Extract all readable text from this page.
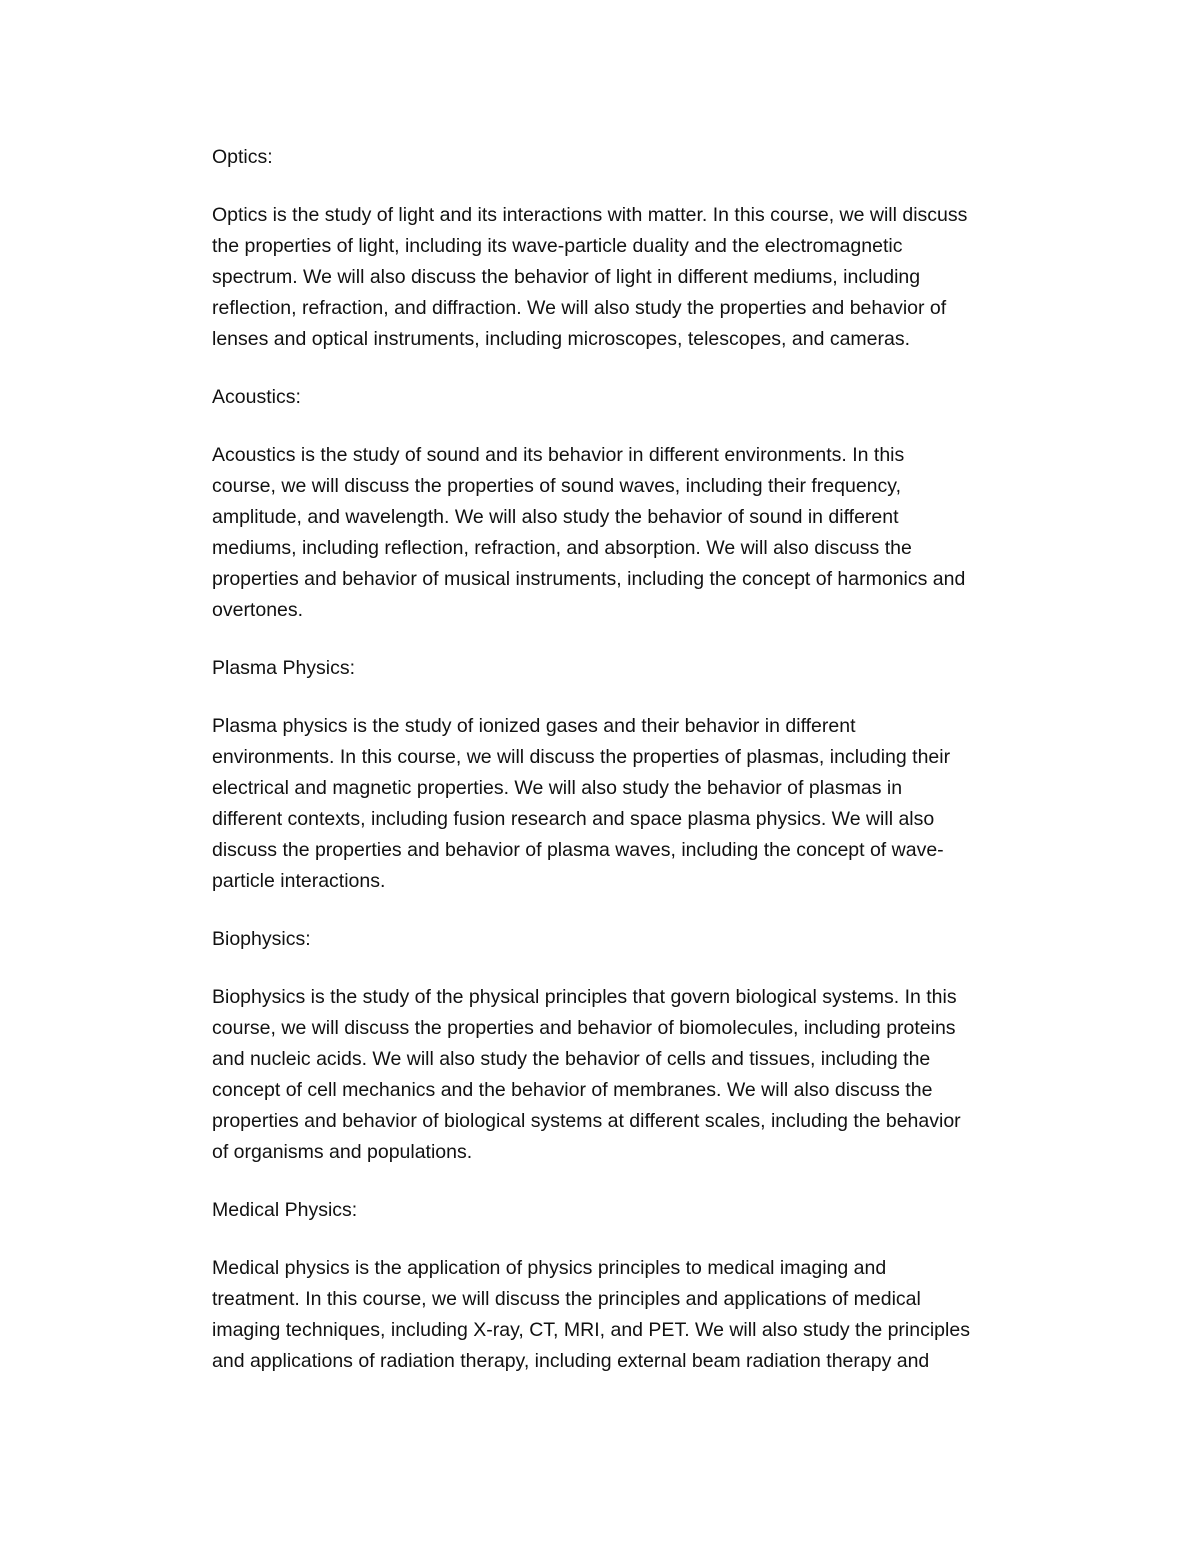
Optics:
Optics is the study of light and its interactions with matter. In this course, we will discuss
the properties of light, including its wave-particle duality and the electromagnetic
spectrum. We will also discuss the behavior of light in different mediums, including
reflection, refraction, and diffraction. We will also study the properties and behavior of
lenses and optical instruments, including microscopes, telescopes, and cameras.
Acoustics:
Acoustics is the study of sound and its behavior in different environments. In this
course, we will discuss the properties of sound waves, including their frequency,
amplitude, and wavelength. We will also study the behavior of sound in different
mediums, including reflection, refraction, and absorption. We will also discuss the
properties and behavior of musical instruments, including the concept of harmonics and
overtones.
Plasma Physics:
Plasma physics is the study of ionized gases and their behavior in different
environments. In this course, we will discuss the properties of plasmas, including their
electrical and magnetic properties. We will also study the behavior of plasmas in
different contexts, including fusion research and space plasma physics. We will also
discuss the properties and behavior of plasma waves, including the concept of wave-
particle interactions.
Biophysics:
Biophysics is the study of the physical principles that govern biological systems. In this
course, we will discuss the properties and behavior of biomolecules, including proteins
and nucleic acids. We will also study the behavior of cells and tissues, including the
concept of cell mechanics and the behavior of membranes. We will also discuss the
properties and behavior of biological systems at different scales, including the behavior
of organisms and populations.
Medical Physics:
Medical physics is the application of physics principles to medical imaging and
treatment. In this course, we will discuss the principles and applications of medical
imaging techniques, including X-ray, CT, MRI, and PET. We will also study the principles
and applications of radiation therapy, including external beam radiation therapy and
